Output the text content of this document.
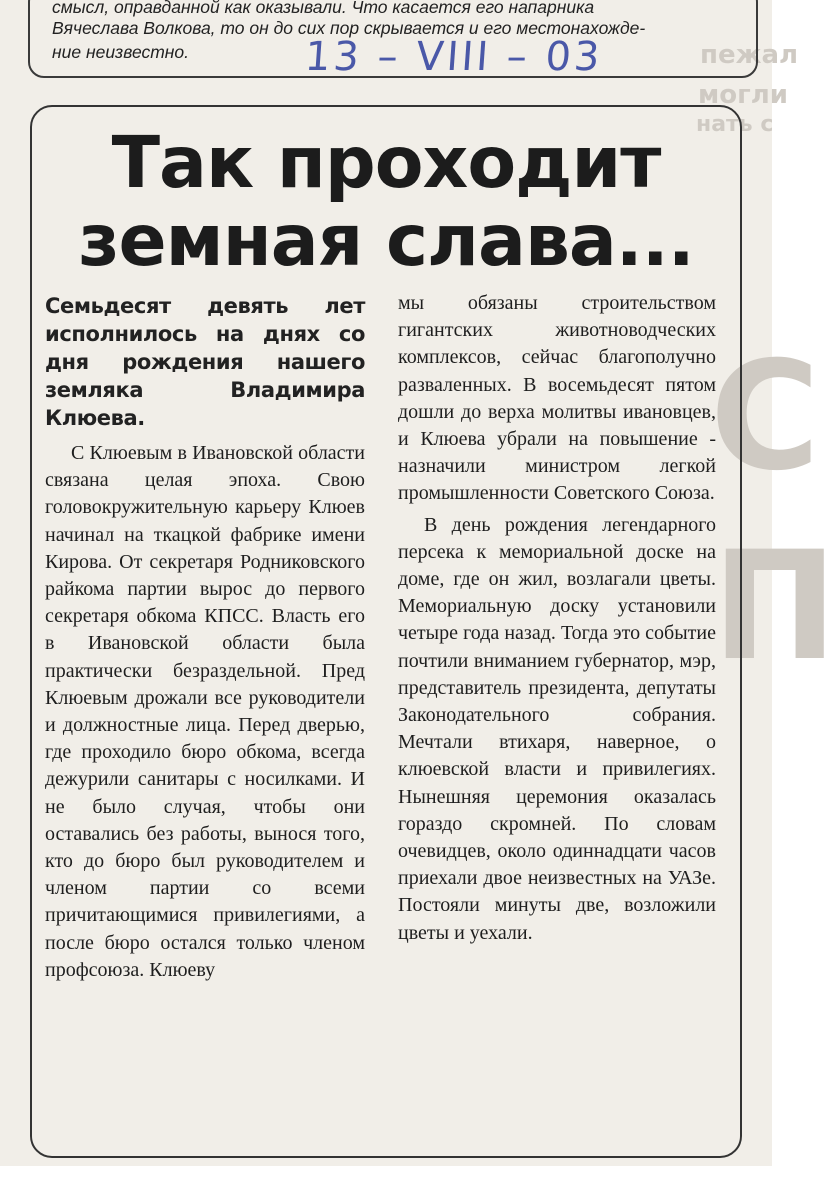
пежал
могли
нать с
С
П
смысл, оправданной как оказывали. Что касается его напарника
Вячеслава Волкова, то он до сих пор скрывается и его местонахожде-
ние неизвестно.	13 – VIII – 03
Так проходит
земная слава...

Семьдесят девять лет исполнилось на днях со дня рождения нашего земляка Владимира Клюева.

С Клюевым в Ивановской области связана целая эпоха. Свою головокружительную карьеру Клюев начинал на ткацкой фабрике имени Кирова. От секретаря Родниковского райкома партии вырос до первого секретаря обкома КПСС. Власть его в Ивановской области была практически безраздельной. Пред Клюевым дрожали все руководители и должностные лица. Перед дверью, где проходило бюро обкома, всегда дежурили санитары с носилками. И не было случая, чтобы они оставались без работы, вынося того, кто до бюро был руководителем и членом партии со всеми причитающимися привилегиями, а после бюро остался только членом профсоюза. Клюеву

мы обязаны строительством гигантских животноводческих комплексов, сейчас благополучно разваленных. В восемьдесят пятом дошли до верха молитвы ивановцев, и Клюева убрали на повышение - назначили министром легкой промышленности Советского Союза.

В день рождения легендарного персека к мемориальной доске на доме, где он жил, возлагали цветы. Мемориальную доску установили четыре года назад. Тогда это событие почтили вниманием губернатор, мэр, представитель президента, депутаты Законодательного собрания. Мечтали втихаря, наверное, о клюевской власти и привилегиях. Нынешняя церемония оказалась гораздо скромней. По словам очевидцев, около одиннадцати часов приехали двое неизвестных на УАЗе. Постояли минуты две, возложили цветы и уехали.
